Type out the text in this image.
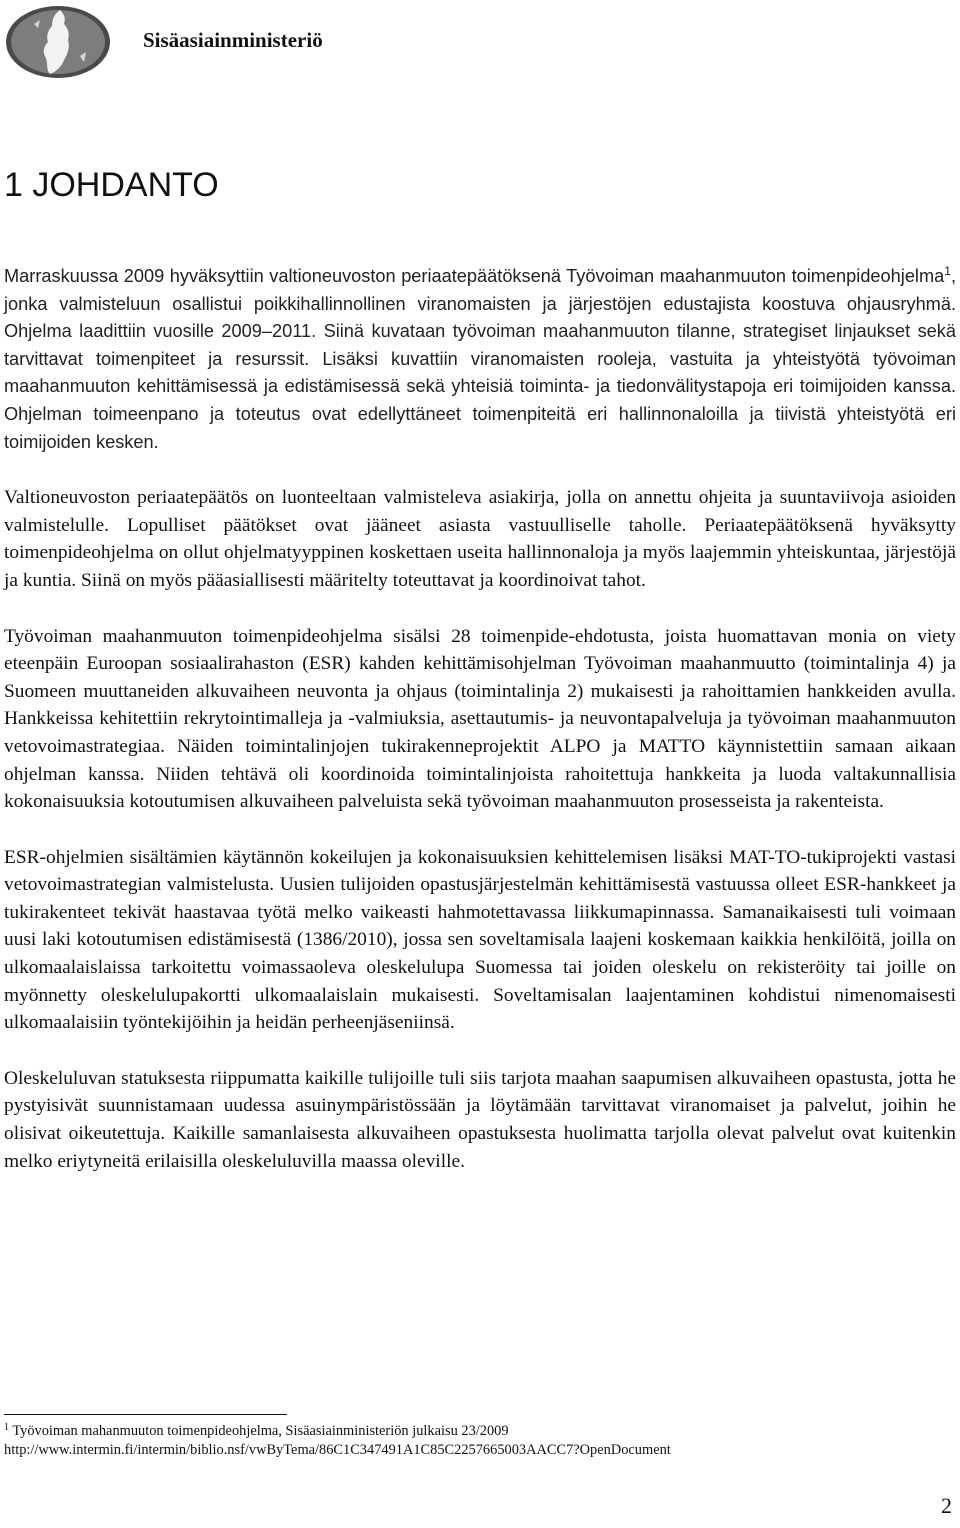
Sisäasiainministeriö
1 JOHDANTO

Marraskuussa 2009 hyväksyttiin valtioneuvoston periaatepäätöksenä Työvoiman maahanmuuton toimenpideohjelma$^1$, jonka valmisteluun osallistui poikkihallinnollinen viranomaisten ja järjestöjen edustajista koostuva ohjausryhmä. Ohjelma laadittiin vuosille 2009–2011. Siinä kuvataan työvoiman maahanmuuton tilanne, strategiset linjaukset sekä tarvittavat toimenpiteet ja resurssit. Lisäksi kuvattiin viranomaisten rooleja, vastuita ja yhteistyötä työvoiman maahanmuuton kehittämisessä ja edistämisessä sekä yhteisiä toiminta- ja tiedonvälitystapoja eri toimijoiden kanssa. Ohjelman toimeenpano ja toteutus ovat edellyttäneet toimenpiteitä eri hallinnonaloilla ja tiivistä yhteistyötä eri toimijoiden kesken.

Valtioneuvoston periaatepäätös on luonteeltaan valmisteleva asiakirja, jolla on annettu ohjeita ja suuntaviivoja asioiden valmistelulle. Lopulliset päätökset ovat jääneet asiasta vastuulliselle taholle. Periaatepäätöksenä hyväksytty toimenpideohjelma on ollut ohjelmatyyppinen koskettaen useita hallinnonaloja ja myös laajemmin yhteiskuntaa, järjestöjä ja kuntia. Siinä on myös pääasiallisesti määritelty toteuttavat ja koordinoivat tahot.

Työvoiman maahanmuuton toimenpideohjelma sisälsi 28 toimenpide-ehdotusta, joista huomattavan monia on viety eteenpäin Euroopan sosiaalirahaston (ESR) kahden kehittämisohjelman Työvoiman maahanmuutto (toimintalinja 4) ja Suomeen muuttaneiden alkuvaiheen neuvonta ja ohjaus (toimintalinja 2) mukaisesti ja rahoittamien hankkeiden avulla. Hankkeissa kehitettiin rekrytointimalleja ja -valmiuksia, asettautumis- ja neuvontapalveluja ja työvoiman maahanmuuton vetovoimastrategiaa. Näiden toimintalinjojen tukirakenneprojektit ALPO ja MATTO käynnistettiin samaan aikaan ohjelman kanssa. Niiden tehtävä oli koordinoida toimintalinjoista rahoitettuja hankkeita ja luoda valtakunnallisia kokonaisuuksia kotoutumisen alkuvaiheen palveluista sekä työvoiman maahanmuuton prosesseista ja rakenteista.

ESR-ohjelmien sisältämien käytännön kokeilujen ja kokonaisuuksien kehittelemisen lisäksi MAT-TO-tukiprojekti vastasi vetovoimastrategian valmistelusta. Uusien tulijoiden opastusjärjestelmän kehittämisestä vastuussa olleet ESR-hankkeet ja tukirakenteet tekivät haastavaa työtä melko vaikeasti hahmotettavassa liikkumapinnassa. Samanaikaisesti tuli voimaan uusi laki kotoutumisen edistämisestä (1386/2010), jossa sen soveltamisala laajeni koskemaan kaikkia henkilöitä, joilla on ulkomaalaislaissa tarkoitettu voimassaoleva oleskelulupa Suomessa tai joiden oleskelu on rekisteröity tai joille on myönnetty oleskelulupakortti ulkomaalaislain mukaisesti. Soveltamisalan laajentaminen kohdistui nimenomaisesti ulkomaalaisiin työntekijöihin ja heidän perheenjäseniinsä.

Oleskeluluvan statuksesta riippumatta kaikille tulijoille tuli siis tarjota maahan saapumisen alkuvaiheen opastusta, jotta he pystyisivät suunnistamaan uudessa asuinympäristössään ja löytämään tarvittavat viranomaiset ja palvelut, joihin he olisivat oikeutettuja. Kaikille samanlaisesta alkuvaiheen opastuksesta huolimatta tarjolla olevat palvelut ovat kuitenkin melko eriytyneitä erilaisilla oleskeluluvilla maassa oleville.

$^1$ Työvoiman mahanmuuton toimenpideohjelma, Sisäasiainministeriön julkaisu 23/2009
http://www.intermin.fi/intermin/biblio.nsf/vwByTema/86C1C347491A1C85C2257665003AACC7?OpenDocument
2
